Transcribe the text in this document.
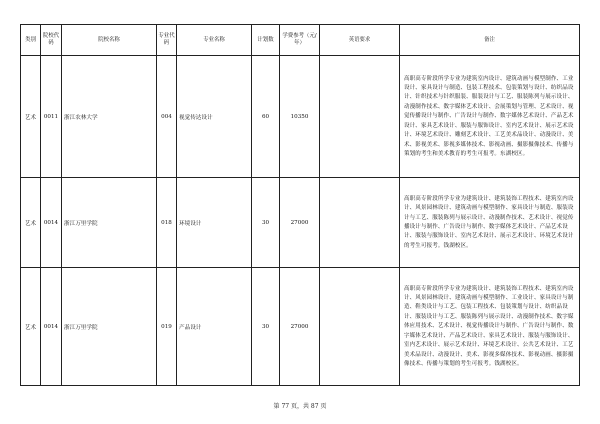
类别	院校代码	院校名称	专业代码	专业名称	计划数	学费参考（元/年）	英语要求	备注
艺术	0011	浙江农林大学	004	视觉传达设计	60	10350		高职高专阶段所学专业为建筑室内设计、建筑动画与模型制作、工业设计、家具设计与制造、包装工程技术、包装策划与设计、纺织品设计、针织技术与针织服装、服装设计与工艺、服装陈列与展示设计、动漫制作技术、数字媒体艺术设计、会展策划与管理、艺术设计、视觉传播设计与制作、广告设计与制作、数字媒体艺术设计、产品艺术设计、家具艺术设计、服装与服饰设计、室内艺术设计、展示艺术设计、环境艺术设计、雕刻艺术设计、工艺美术品设计、动漫设计、美术、影视美术、影视多媒体技术、影视动画、摄影摄像技术、传播与策划的考生和美术教育的考生可报考。东湖校区。
艺术	0014	浙江万里学院	018	环境设计	30	27000		高职高专阶段所学专业为建筑设计、建筑装饰工程技术、建筑室内设计、风景园林设计、建筑动画与模型制作、家具设计与制造、服装设计与工艺、服装陈列与展示设计、动漫制作技术、艺术设计、视觉传播设计与制作、广告设计与制作、数字媒体艺术设计、产品艺术设计、服装与服饰设计、室内艺术设计、展示艺术设计、环境艺术设计的考生可报考。钱湖校区。
艺术	0014	浙江万里学院	019	产品设计	30	27000		高职高专阶段所学专业为建筑设计、建筑装饰工程技术、建筑室内设计、风景园林设计、建筑动画与模型制作、工业设计、家具设计与制造、鞋类设计与工艺、包装工程技术、包装策划与设计、纺织品设计、服装设计与工艺、服装陈列与展示设计、动漫制作技术、数字媒体应用技术、艺术设计、视觉传播设计与制作、广告设计与制作、数字媒体艺术设计、产品艺术设计、家具艺术设计、服装与服饰设计、室内艺术设计、展示艺术设计、环境艺术设计、公共艺术设计、工艺美术品设计、动漫设计、美术、影视多媒体技术、影视动画、摄影摄像技术、传播与策划的考生可报考。钱湖校区。
第 77 页，共 87 页
